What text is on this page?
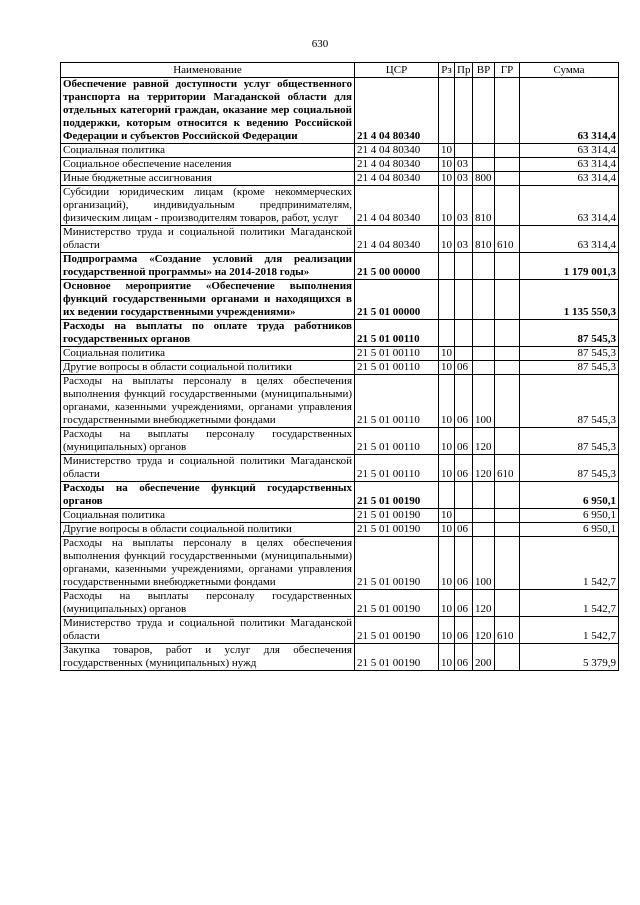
630
Наименование	ЦСР	Рз	Пр	ВР	ГР	Сумма
Обеспечение равной доступности услуг общественного транспорта на территории Магаданской области для отдельных категорий граждан, оказание мер социальной поддержки, которым относится к ведению Российской Федерации и субъектов Российской Федерации	21 4 04 80340					63 314,4
Социальная политика	21 4 04 80340	10				63 314,4
Социальное обеспечение населения	21 4 04 80340	10	03			63 314,4
Иные бюджетные ассигнования	21 4 04 80340	10	03	800		63 314,4
Субсидии юридическим лицам (кроме некоммерческих организаций), индивидуальным предпринимателям, физическим лицам - производителям товаров, работ, услуг	21 4 04 80340	10	03	810		63 314,4
Министерство труда и социальной политики Магаданской области	21 4 04 80340	10	03	810	610	63 314,4
Подпрограмма «Создание условий для реализации государственной программы» на 2014-2018 годы»	21 5 00 00000					1 179 001,3
Основное мероприятие «Обеспечение выполнения функций государственными органами и находящихся в их ведении государственными учреждениями»	21 5 01 00000					1 135 550,3
Расходы на выплаты по оплате труда работников государственных органов	21 5 01 00110					87 545,3
Социальная политика	21 5 01 00110	10				87 545,3
Другие вопросы в области социальной политики	21 5 01 00110	10	06			87 545,3
Расходы на выплаты персоналу в целях обеспечения выполнения функций государственными (муниципальными) органами, казенными учреждениями, органами управления государственными внебюджетными фондами	21 5 01 00110	10	06	100		87 545,3
Расходы на выплаты персоналу государственных (муниципальных) органов	21 5 01 00110	10	06	120		87 545,3
Министерство труда и социальной политики Магаданской области	21 5 01 00110	10	06	120	610	87 545,3
Расходы на обеспечение функций государственных органов	21 5 01 00190					6 950,1
Социальная политика	21 5 01 00190	10				6 950,1
Другие вопросы в области социальной политики	21 5 01 00190	10	06			6 950,1
Расходы на выплаты персоналу в целях обеспечения выполнения функций государственными (муниципальными) органами, казенными учреждениями, органами управления государственными внебюджетными фондами	21 5 01 00190	10	06	100		1 542,7
Расходы на выплаты персоналу государственных (муниципальных) органов	21 5 01 00190	10	06	120		1 542,7
Министерство труда и социальной политики Магаданской области	21 5 01 00190	10	06	120	610	1 542,7
Закупка товаров, работ и услуг для обеспечения государственных (муниципальных) нужд	21 5 01 00190	10	06	200		5 379,9
